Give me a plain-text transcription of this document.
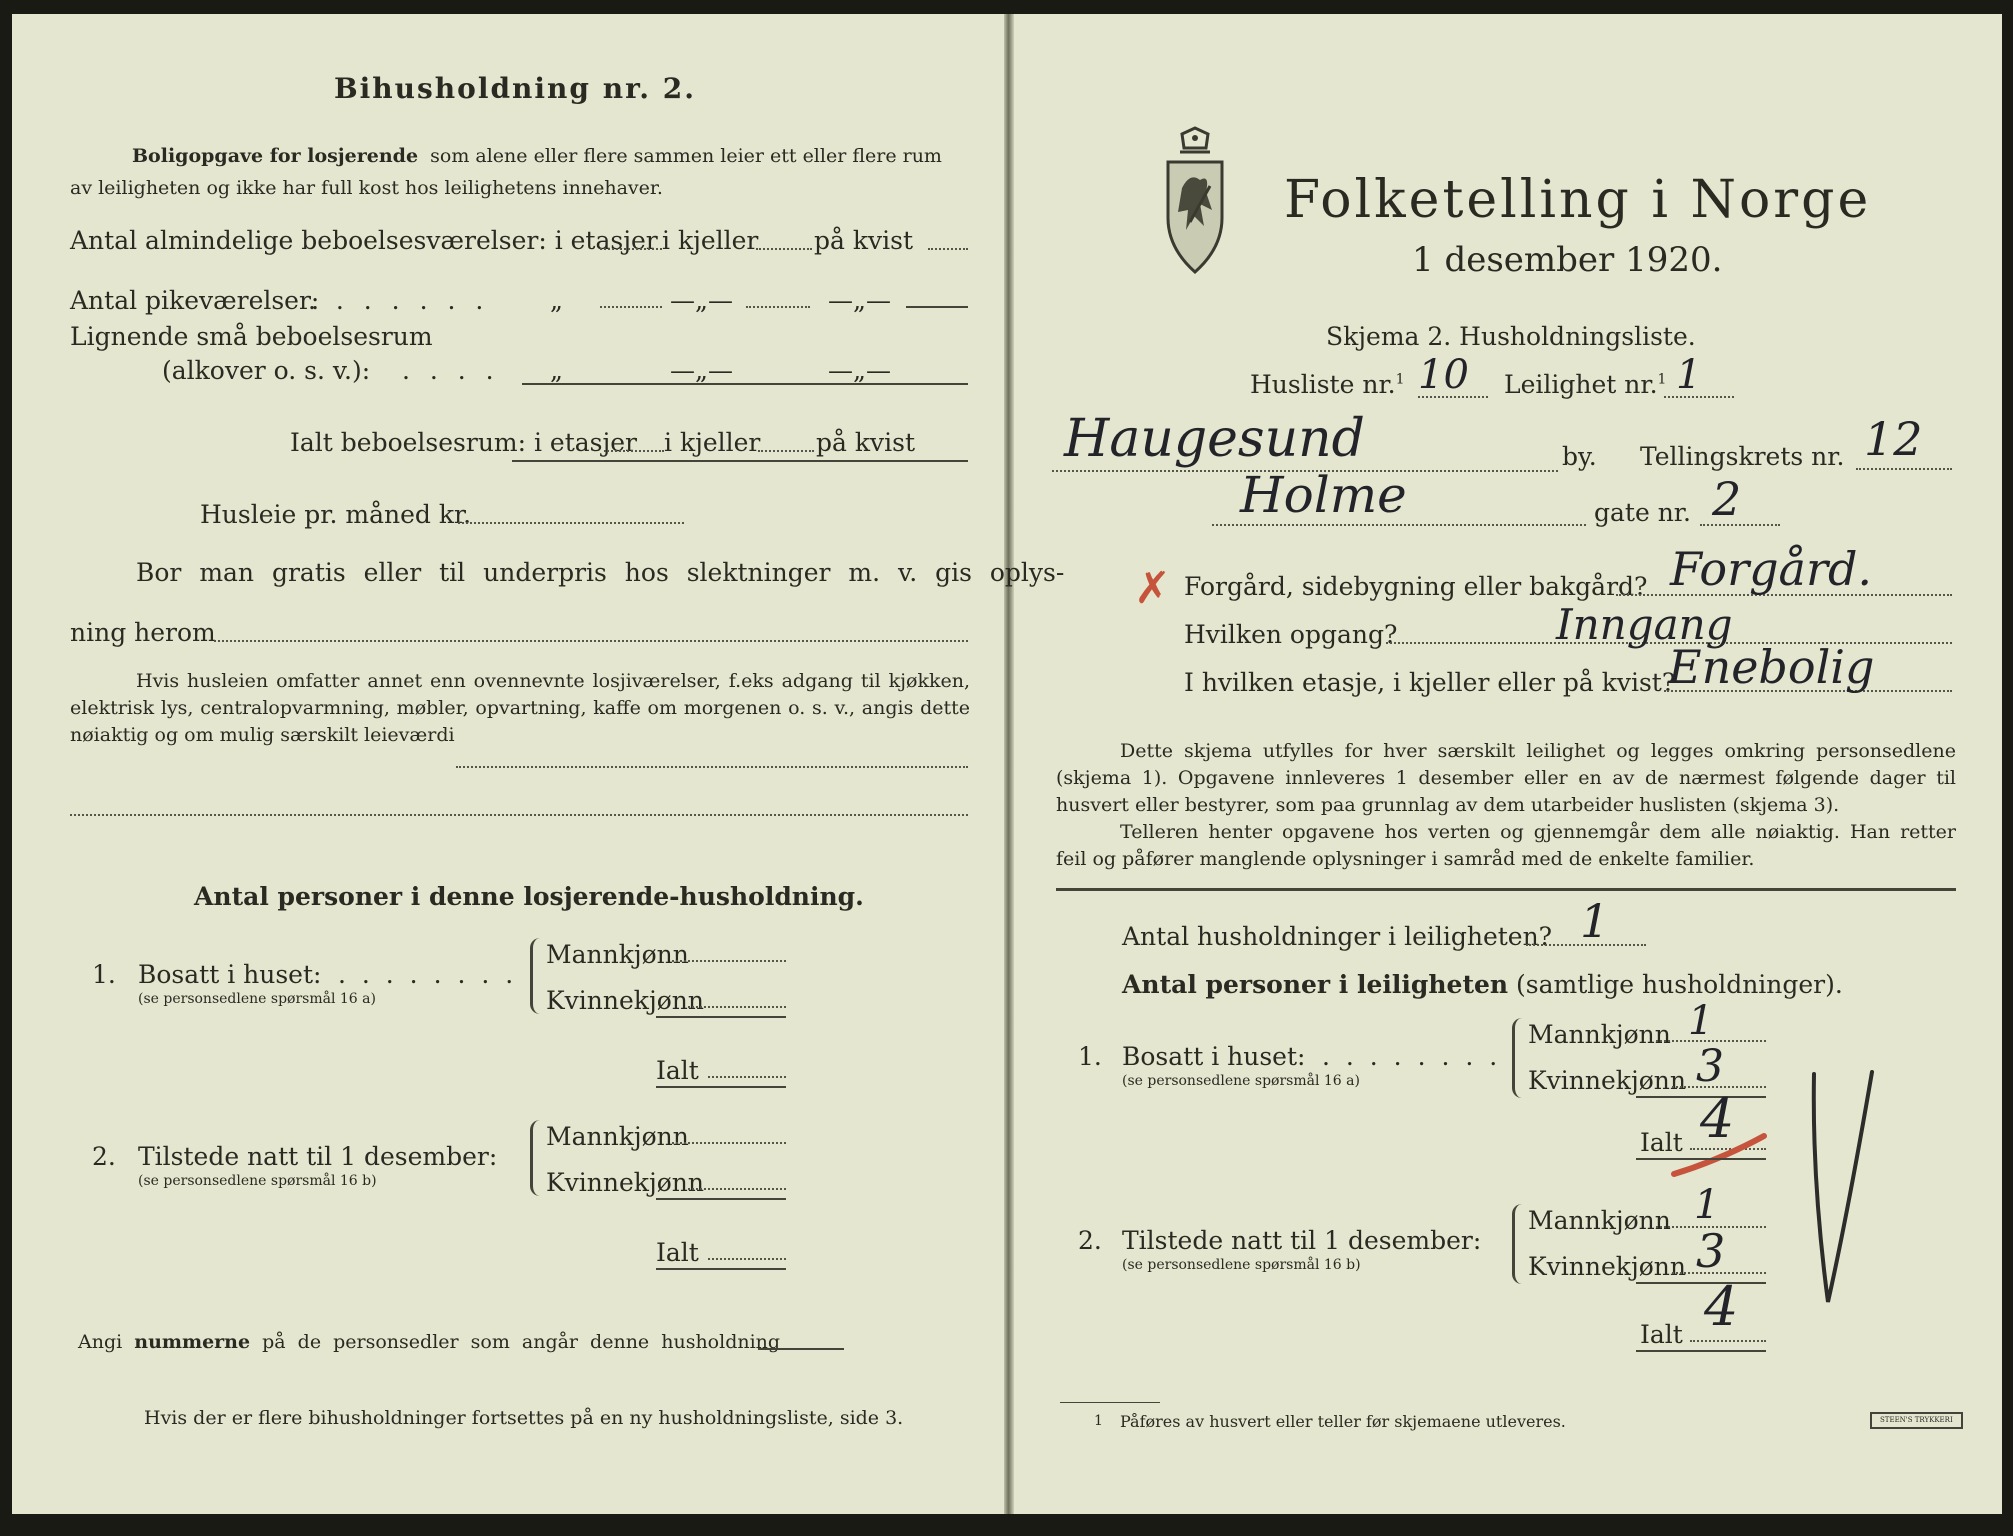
Bihusholdning nr. 2.
Boligopgave for losjerende som alene eller flere sammen leier ett eller flere rum
av leiligheten og ikke har full kost hos leilighetens innehaver.
Antal almindelige beboelsesværelser: i etasjer i kjeller på kvist
Antal pikeværelser:
. . . . . . . „	—„—	—„—
Lignende små beboelsesrum
(alkover o. s. v.): . . . . „	—„—	—„—
Ialt beboelsesrum: i etasjer i kjeller på kvist
Husleie pr. måned kr.
Bor man gratis eller til underpris hos slektninger m. v. gis oplys-
ning herom
Hvis husleien omfatter annet enn ovennevnte losjiværelser, f.eks adgang til kjøkken,
elektrisk lys, centralopvarmning, møbler, opvartning, kaffe om morgenen o. s. v., angis dette
nøiaktig og om mulig særskilt leieværdi
Antal personer i denne losjerende-husholdning.
1. Bosatt i huset: . . . . . . . .
(se personsedlene spørsmål 16 a)
Mannkjønn
Kvinnekjønn
Ialt
2. Tilstede natt til 1 desember:
(se personsedlene spørsmål 16 b)
Mannkjønn
Kvinnekjønn
Ialt
Angi nummerne på de personsedler som angår denne husholdning
Hvis der er flere bihusholdninger fortsettes på en ny husholdningsliste, side 3.
Folketelling i Norge
1 desember 1920.
Skjema 2. Husholdningsliste.
Husliste nr.$^1$ 10 Leilighet nr.$^1$ 1
Haugesund	by. Tellingskrets nr. 12
Holme	gate nr. 2
✗ Forgård, sidebygning eller bakgård? Forgård.
Hvilken opgang?	Inngang
I hvilken etasje, i kjeller eller på kvist?
Enebolig
Dette skjema utfylles for hver særskilt leilighet og legges omkring personsedlene
(skjema 1). Opgavene innleveres 1 desember eller en av de nærmest følgende dager til
husvert eller bestyrer, som paa grunnlag av dem utarbeider huslisten (skjema 3).
Telleren henter opgavene hos verten og gjennemgår dem alle nøiaktig. Han retter
feil og påfører manglende oplysninger i samråd med de enkelte familier.
Antal husholdninger i leiligheten? 1
Antal personer i leiligheten (samtlige husholdninger).
1. Bosatt i huset: . . . . . . . .
(se personsedlene spørsmål 16 a)
Mannkjønn 1
Kvinnekjønn 3
Ialt 4
2. Tilstede natt til 1 desember:
(se personsedlene spørsmål 16 b)
Mannkjønn 1
Kvinnekjønn 3
Ialt 4
1 Påføres av husvert eller teller før skjemaene utleveres.	STEEN'S TRYKKERI
